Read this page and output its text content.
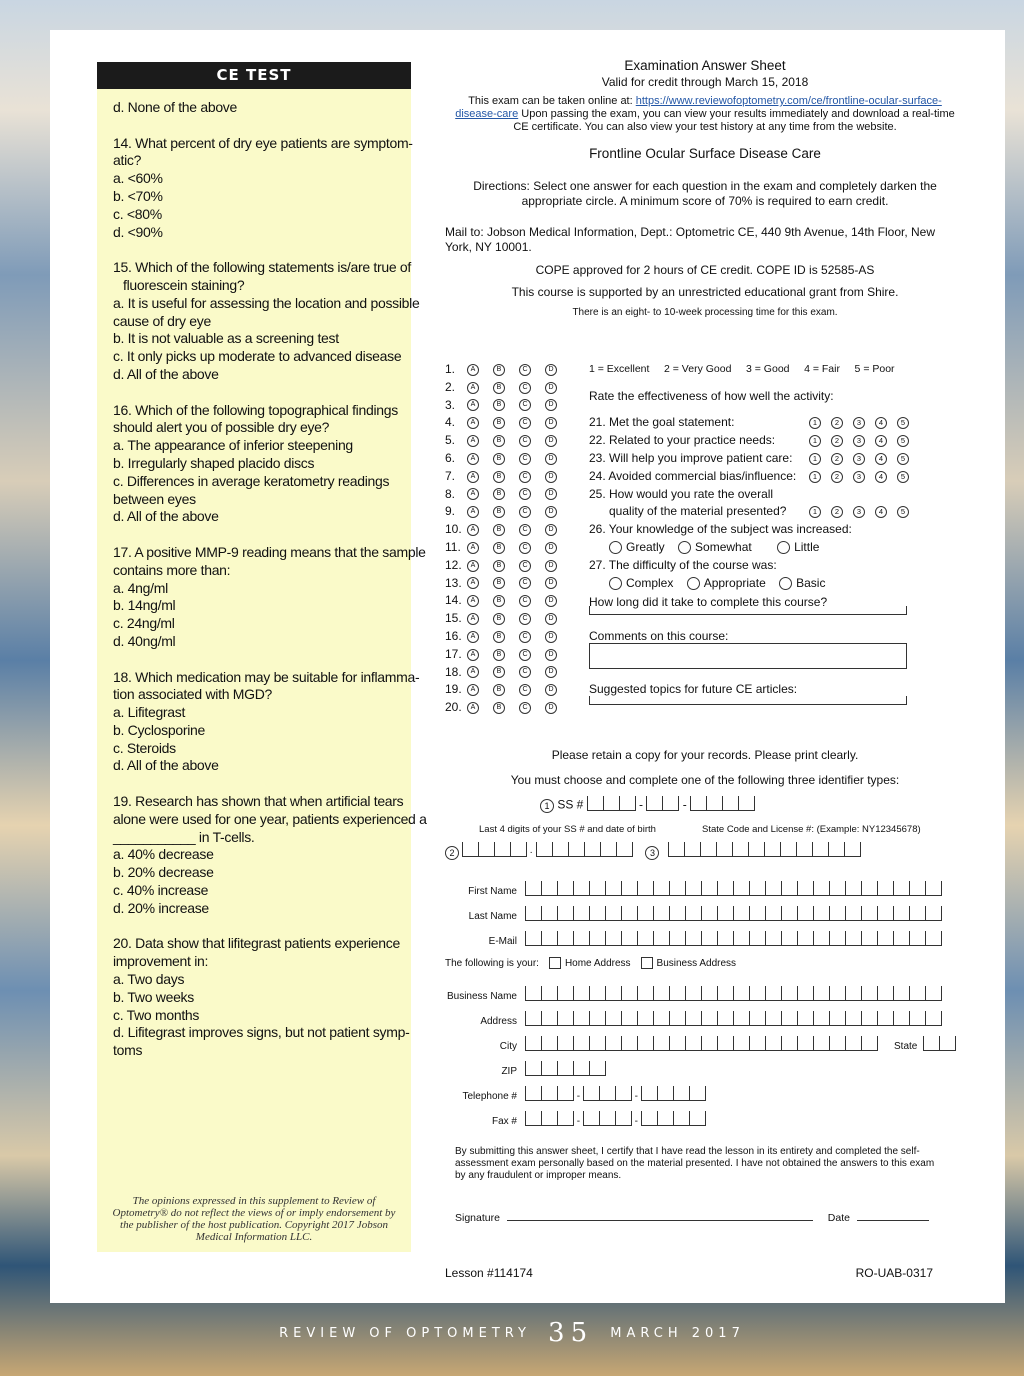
CE TEST
d. None of the above
14. What percent of dry eye patients are symptom-
atic?
a. <60%
b. <70%
c. <80%
d. <90%
15. Which of the following statements is/are true of
fluorescein staining?
a. It is useful for assessing the location and possible
cause of dry eye
b. It is not valuable as a screening test
c. It only picks up moderate to advanced disease
d. All of the above
16. Which of the following topographical findings
should alert you of possible dry eye?
a. The appearance of inferior steepening
b. Irregularly shaped placido discs
c. Differences in average keratometry readings
between eyes
d. All of the above
17. A positive MMP-9 reading means that the sample
contains more than:
a. 4ng/ml
b. 14ng/ml
c. 24ng/ml
d. 40ng/ml
18. Which medication may be suitable for inflamma-
tion associated with MGD?
a. Lifitegrast
b. Cyclosporine
c. Steroids
d. All of the above
19. Research has shown that when artificial tears
alone were used for one year, patients experienced a
___________ in T-cells.
a. 40% decrease
b. 20% decrease
c. 40% increase
d. 20% increase
20. Data show that lifitegrast patients experience
improvement in:
a. Two days
b. Two weeks
c. Two months
d. Lifitegrast improves signs, but not patient symp-
toms
The opinions expressed in this supplement to Review of Optometry® do not reflect the views of or imply endorsement by the publisher of the host publication. Copyright 2017 Jobson Medical Information LLC.
Examination Answer Sheet
Valid for credit through March 15, 2018
This exam can be taken online at: https://www.reviewofoptometry.com/ce/frontline-ocular-surface-disease-care Upon passing the exam, you can view your results immediately and download a real-time CE certificate. You can also view your test history at any time from the website.
Frontline Ocular Surface Disease Care
Directions: Select one answer for each question in the exam and completely darken the appropriate circle. A minimum score of 70% is required to earn credit.
Mail to: Jobson Medical Information, Dept.: Optometric CE, 440 9th Avenue, 14th Floor, New York, NY 10001.
COPE approved for 2 hours of CE credit. COPE ID is 52585-AS
This course is supported by an unrestricted educational grant from Shire.
There is an eight- to 10-week processing time for this exam.
1 = Excellent     2 = Very Good     3 = Good     4 = Fair     5 = Poor
Rate the effectiveness of how well the activity:
21. Met the goal statement:	1 2 3 4 5
22. Related to your practice needs:	1 2 3 4 5
23. Will help you improve patient care:	1 2 3 4 5
24. Avoided commercial bias/influence: 1 2 3 4 5
25. How would you rate the overall
quality of the material presented?	1 2 3 4 5
26. Your knowledge of the subject was increased:
Greatly	Somewhat	Little
27. The difficulty of the course was:
Complex	Appropriate	Basic
How long did it take to complete this course?
Comments on this course:
Suggested topics for future CE articles:
1. A	B	C	D
2. A	B	C	D
3. A	B	C	D
4. A	B	C	D
5. A	B	C	D
6. A	B	C	D
7. A	B	C	D
8. A	B	C	D
9. A	B	C	D
10. A	B	C	D
11. A	B	C	D
12. A	B	C	D
13. A	B	C	D
14. A	B	C	D
15. A	B	C	D
16. A	B	C	D
17. A	B	C	D
18. A	B	C	D
19. A	B	C	D
20. A	B	C	D
Please retain a copy for your records. Please print clearly.
You must choose and complete one of the following three identifier types:
1 SS #	-	-
Last 4 digits of your SS # and date of birth	State Code and License #: (Example: NY12345678)
2	·	3
First Name
Last Name
E-Mail
The following is your:	Home Address	Business Address
Business Name
Address
City	State
ZIP
Telephone #	-	-
Fax #	-	-
By submitting this answer sheet, I certify that I have read the lesson in its entirety and completed the self-assessment exam personally based on the material presented. I have not obtained the answers to this exam by any fraudulent or improper means.
Signature	Date
Lesson #114174	RO-UAB-0317
REVIEW OF OPTOMETRY 35 MARCH 2017
